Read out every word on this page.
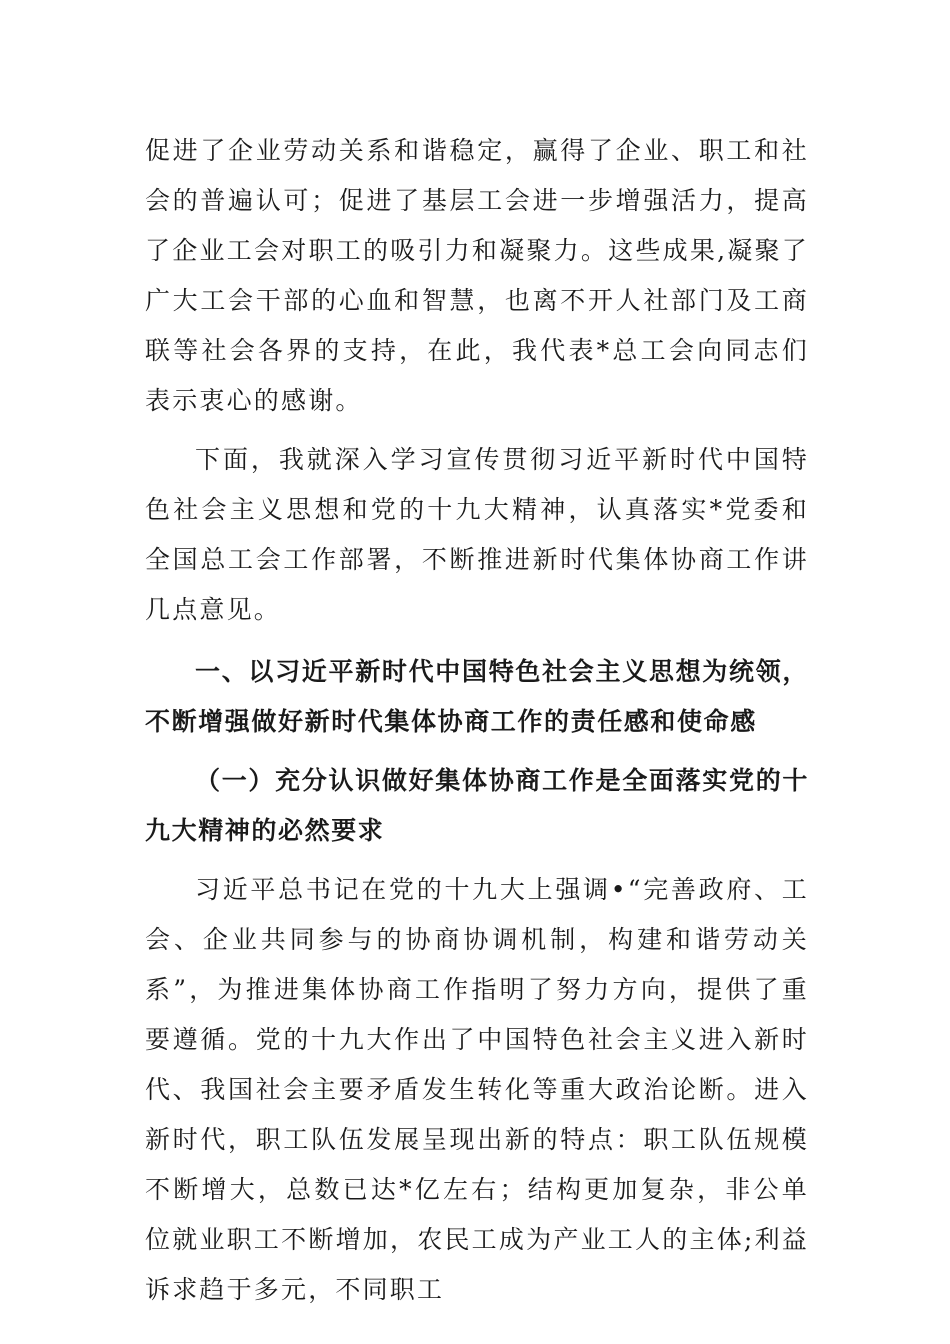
促进了企业劳动关系和谐稳定，赢得了企业、职工和社会的普遍认可；促进了基层工会进一步增强活力，提高了企业工会对职工的吸引力和凝聚力。这些成果,凝聚了广大工会干部的心血和智慧，也离不开人社部门及工商联等社会各界的支持，在此，我代表*总工会向同志们表示衷心的感谢。

下面，我就深入学习宣传贯彻习近平新时代中国特色社会主义思想和党的十九大精神，认真落实*党委和全国总工会工作部署，不断推进新时代集体协商工作讲几点意见。

一、以习近平新时代中国特色社会主义思想为统领，不断增强做好新时代集体协商工作的责任感和使命感

（一）充分认识做好集体协商工作是全面落实党的十九大精神的必然要求

习近平总书记在党的十九大上强调•“完善政府、工会、企业共同参与的协商协调机制，构建和谐劳动关系”，为推进集体协商工作指明了努力方向，提供了重要遵循。党的十九大作出了中国特色社会主义进入新时代、我国社会主要矛盾发生转化等重大政治论断。进入新时代，职工队伍发展呈现出新的特点：职工队伍规模不断增大，总数已达*亿左右；结构更加复杂，非公单位就业职工不断增加，农民工成为产业工人的主体;利益诉求趋于多元，不同职工
